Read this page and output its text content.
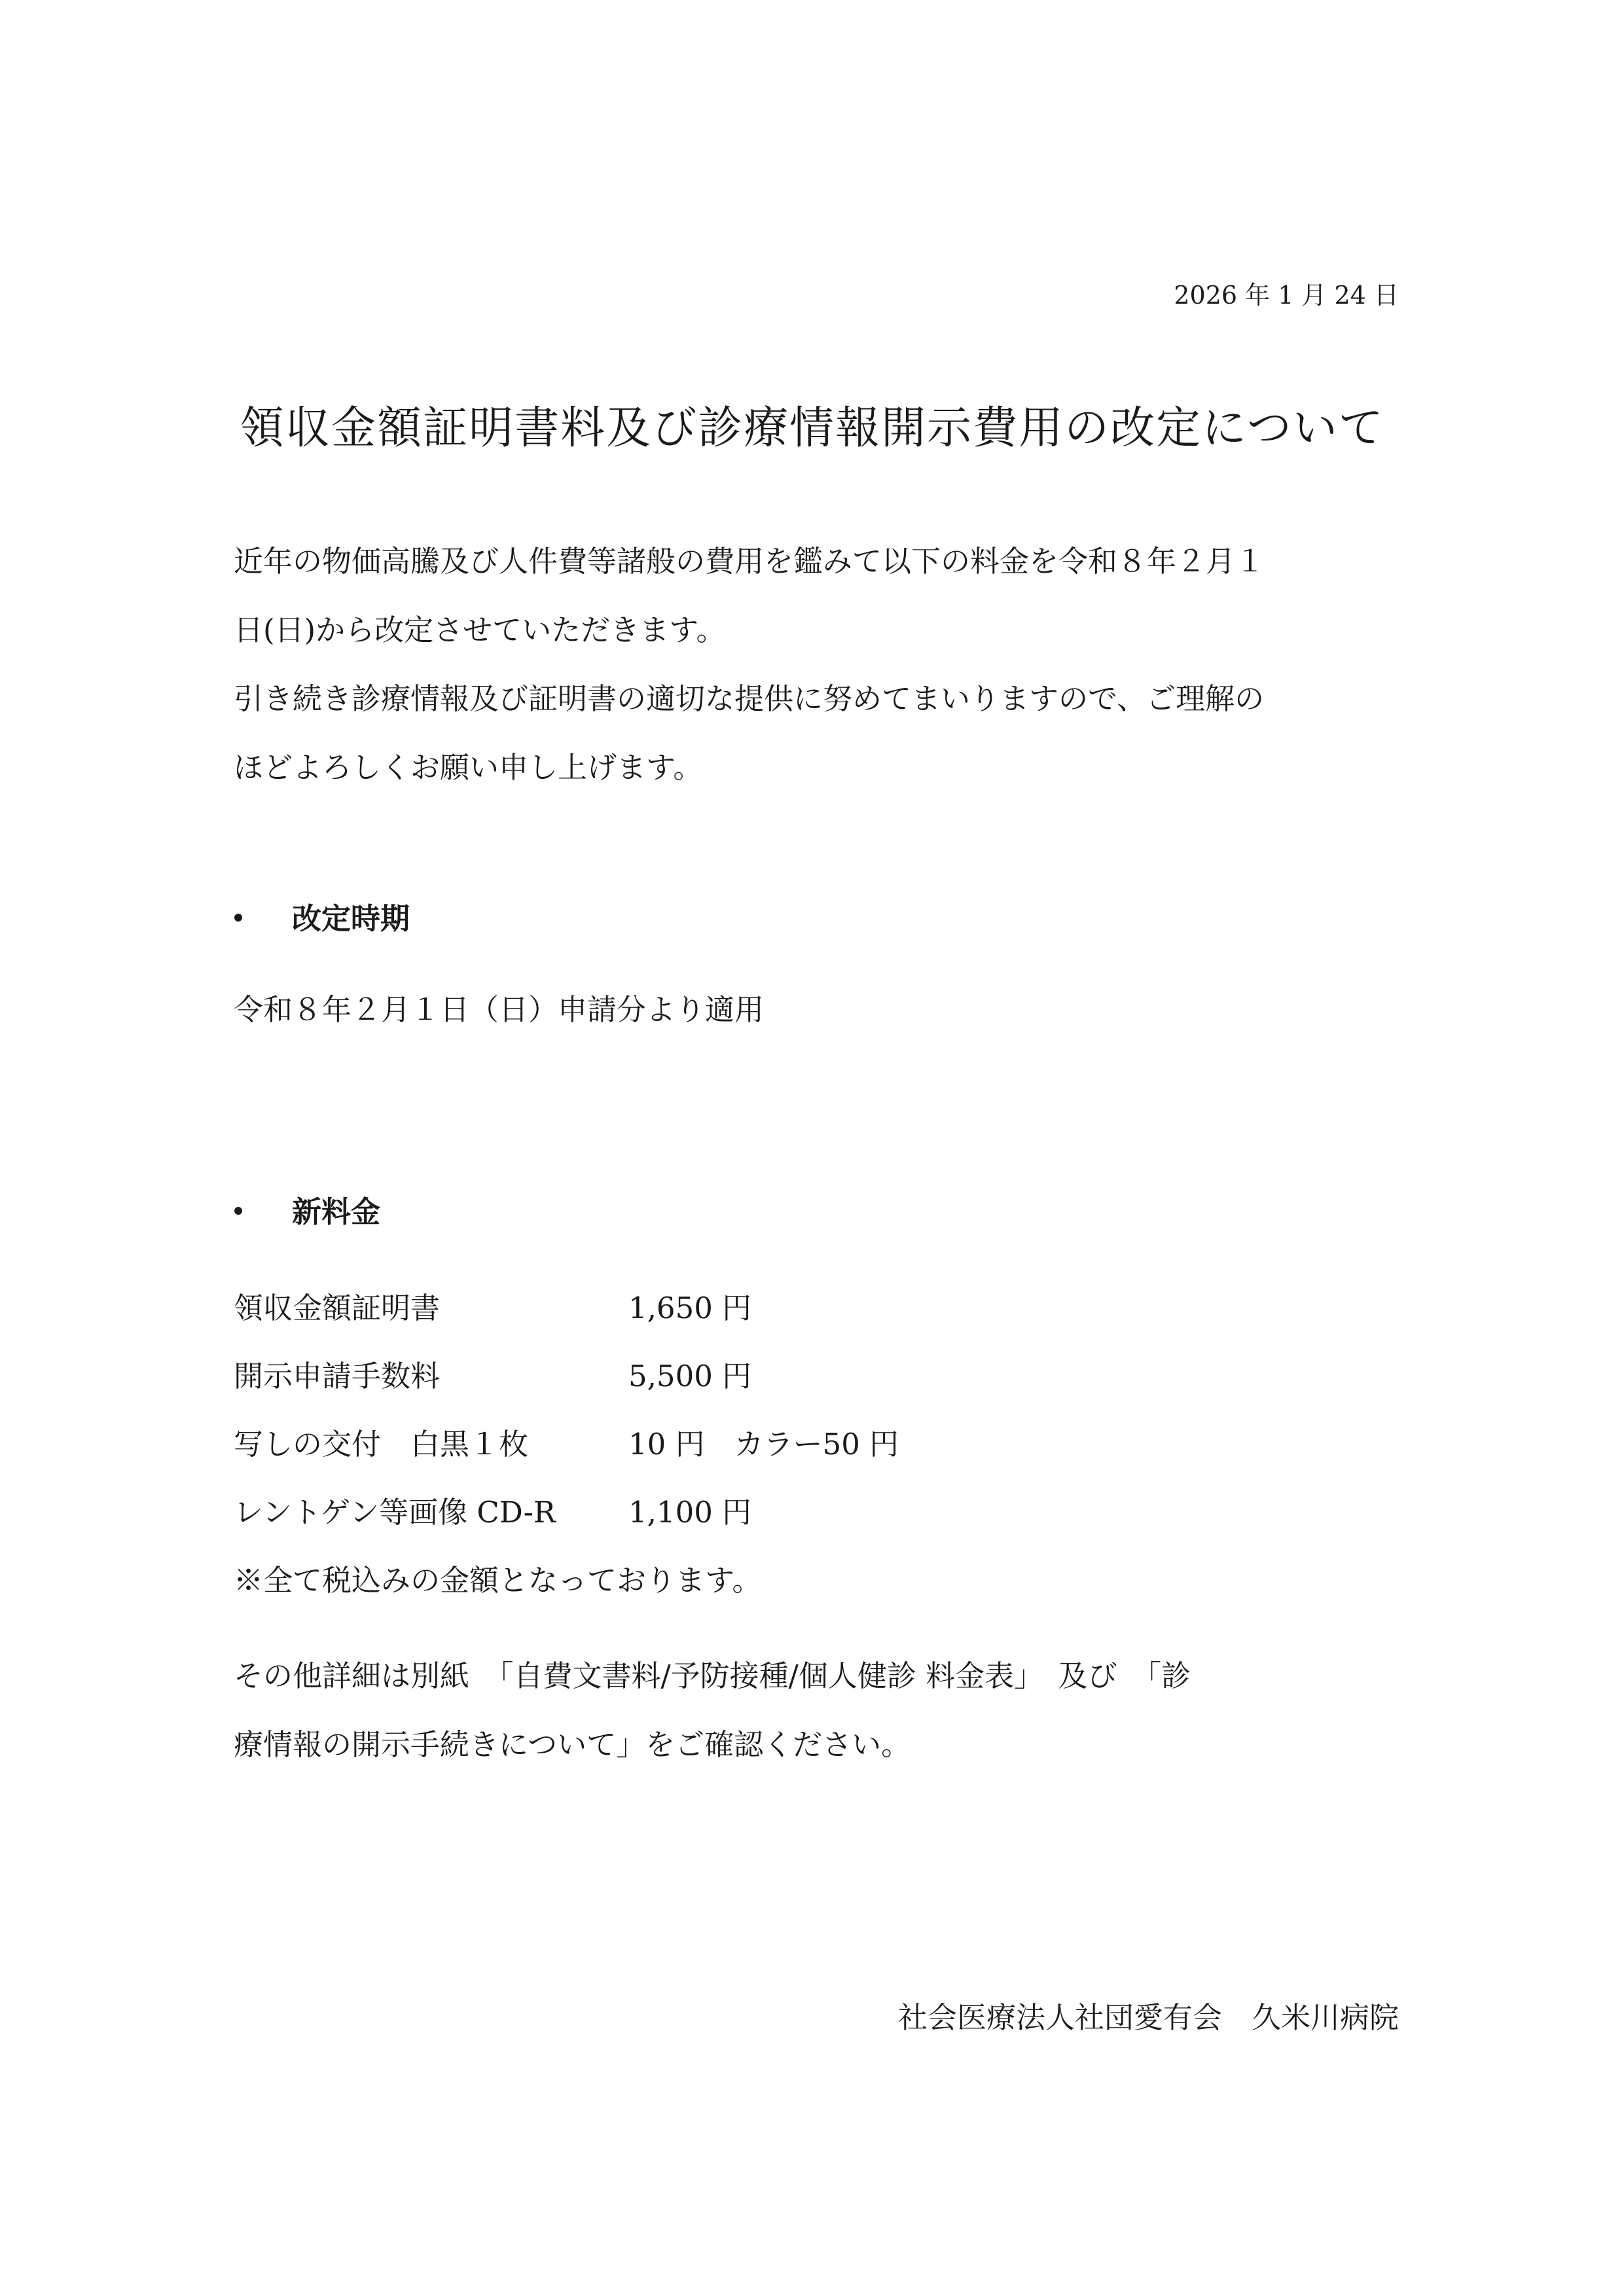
2026 年 1 月 24 日
領収金額証明書料及び診療情報開示費用の改定について

近年の物価高騰及び人件費等諸般の費用を鑑みて以下の料金を令和８年２月１

日(日)から改定させていただきます。

引き続き診療情報及び証明書の適切な提供に努めてまいりますので、ご理解の

ほどよろしくお願い申し上げます。

改定時期

令和８年２月１日（日）申請分より適用

新料金
領収金額証明書	1,650 円
開示申請手数料	5,500 円
写しの交付　白黒１枚	10 円　カラー50 円
レントゲン等画像 CD-R 1,100 円

※全て税込みの金額となっております。

その他詳細は別紙　「自費文書料/予防接種/個人健診 料金表」　及び　「診

療情報の開示手続きについて」をご確認ください。

社会医療法人社団愛有会　久米川病院
